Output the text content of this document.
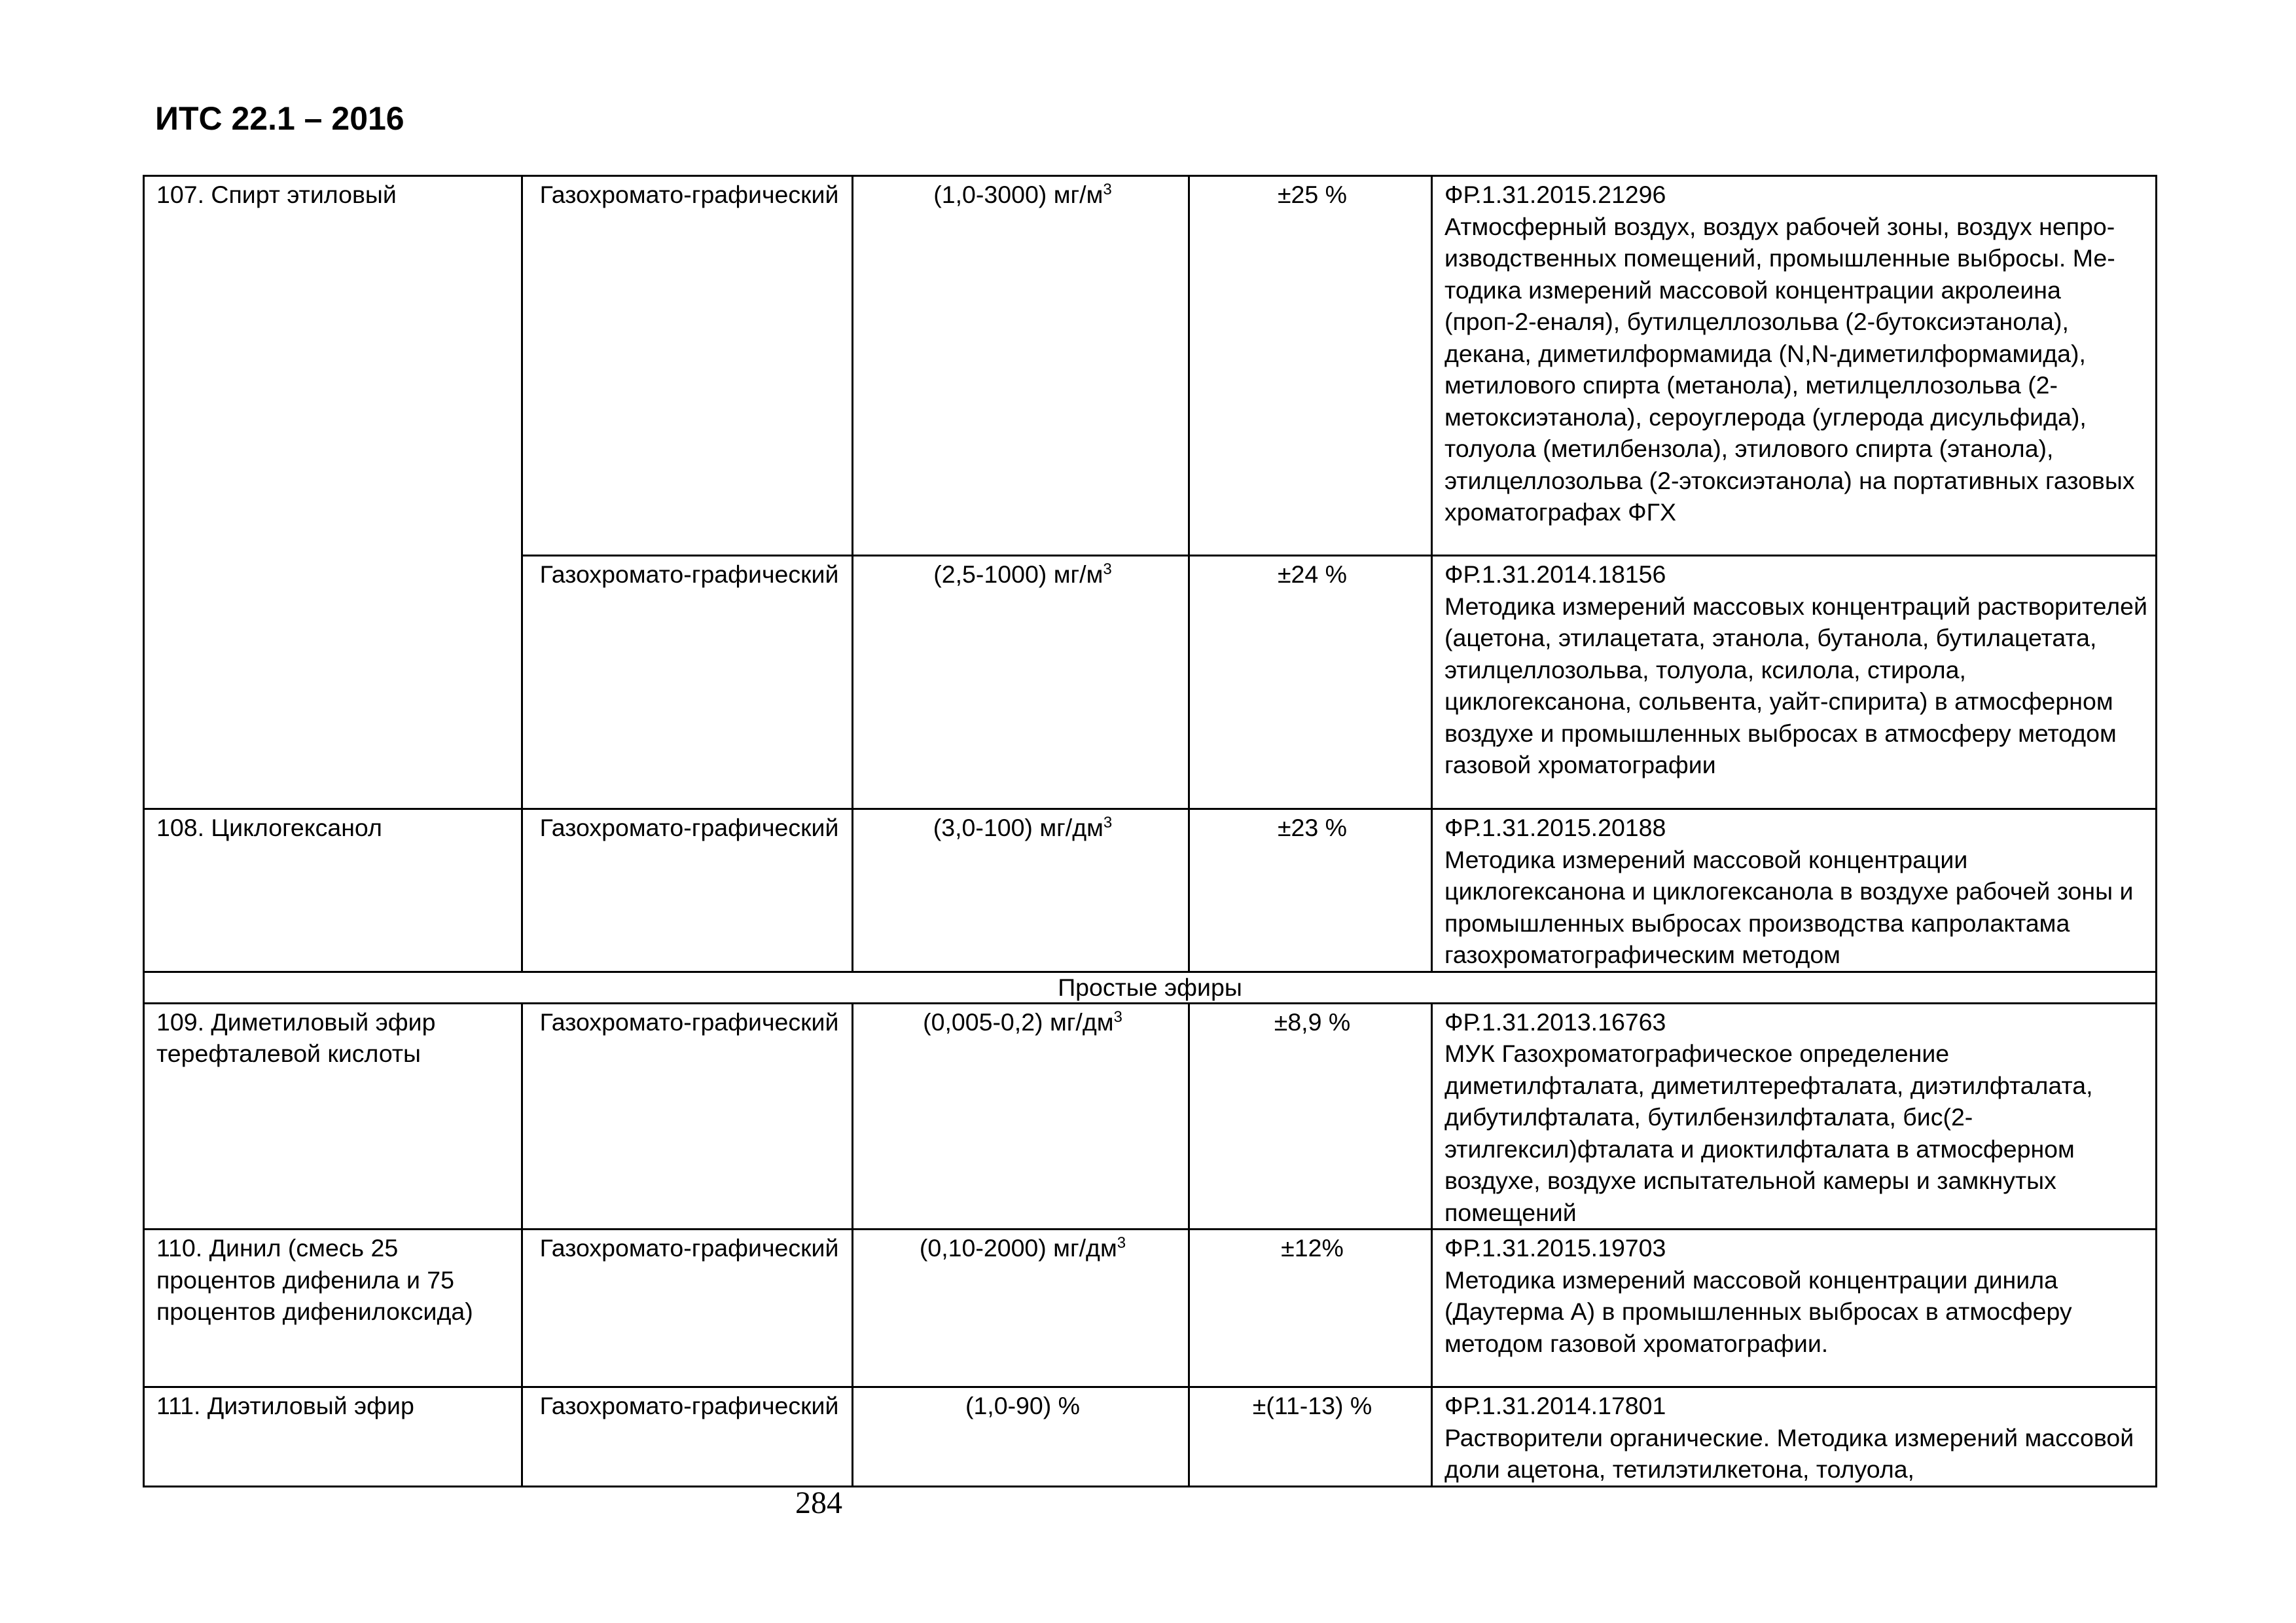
ИТС 22.1 – 2016
107. Спирт этиловый	Газохромато-графический	(1,0-3000) $мг/м^3$	±25 %	ФР.1.31.2015.21296
Атмосферный воздух, воздух рабочей зоны, воздух непро-изводственных помещений, промышленные выбросы. Ме-тодика измерений массовой концентрации акролеина (проп-2-еналя), бутилцеллозольва (2-бутоксиэтанола), декана, диметилформамида (N,N-диметилформамида), метилового спирта (метанола), метилцеллозольва (2-метоксиэтанола), сероуглерода (углерода дисульфида), толуола (метилбензола), этилового спирта (этанола), этилцеллозольва (2-этоксиэтанола) на портативных газовых хроматографах ФГХ

	Газохромато-графический	(2,5-1000) $мг/м^3$	±24 %	ФР.1.31.2014.18156
Методика измерений массовых концентраций растворителей (ацетона, этилацетата, этанола, бутанола, бутилацетата, этилцеллозольва, толуола, ксилола, стирола, циклогексанона, сольвента, уайт-спирита) в атмосферном воздухе и промышленных выбросах в атмосферу методом газовой хроматографии

108. Циклогексанол	Газохромато-графический	(3,0-100) $мг/дм^3$	±23 %	ФР.1.31.2015.20188
Методика измерений массовой концентрации циклогексанона и циклогексанола в воздухе рабочей зоны и промышленных выбросах производства капролактама газохроматографическим методом

Простые эфиры				
109. Диметиловый эфир терефталевой кислоты	Газохромато-графический	(0,005-0,2) $мг/дм^3$	±8,9 %	ФР.1.31.2013.16763
МУК Газохроматографическое определение диметилфталата, диметилтерефталата, диэтилфталата, дибутилфталата, бутилбензилфталата, бис(2-этилгексил)фталата и диоктилфталата в атмосферном воздухе, воздухе испытательной камеры и замкнутых помещений

110. Динил (смесь 25 процентов дифенила и 75 процентов дифенилоксида)	Газохромато-графический	(0,10-2000) $мг/дм^3$	±12%	ФР.1.31.2015.19703
Методика измерений массовой концентрации динила (Даутерма А) в промышленных выбросах в атмосферу методом газовой хроматографии.

111. Диэтиловый эфир	Газохромато-графический	(1,0-90) %	±(11-13) %	ФР.1.31.2014.17801
Растворители органические. Методика измерений массовой доли ацетона, тетилэтилкетона, толуола,
284
